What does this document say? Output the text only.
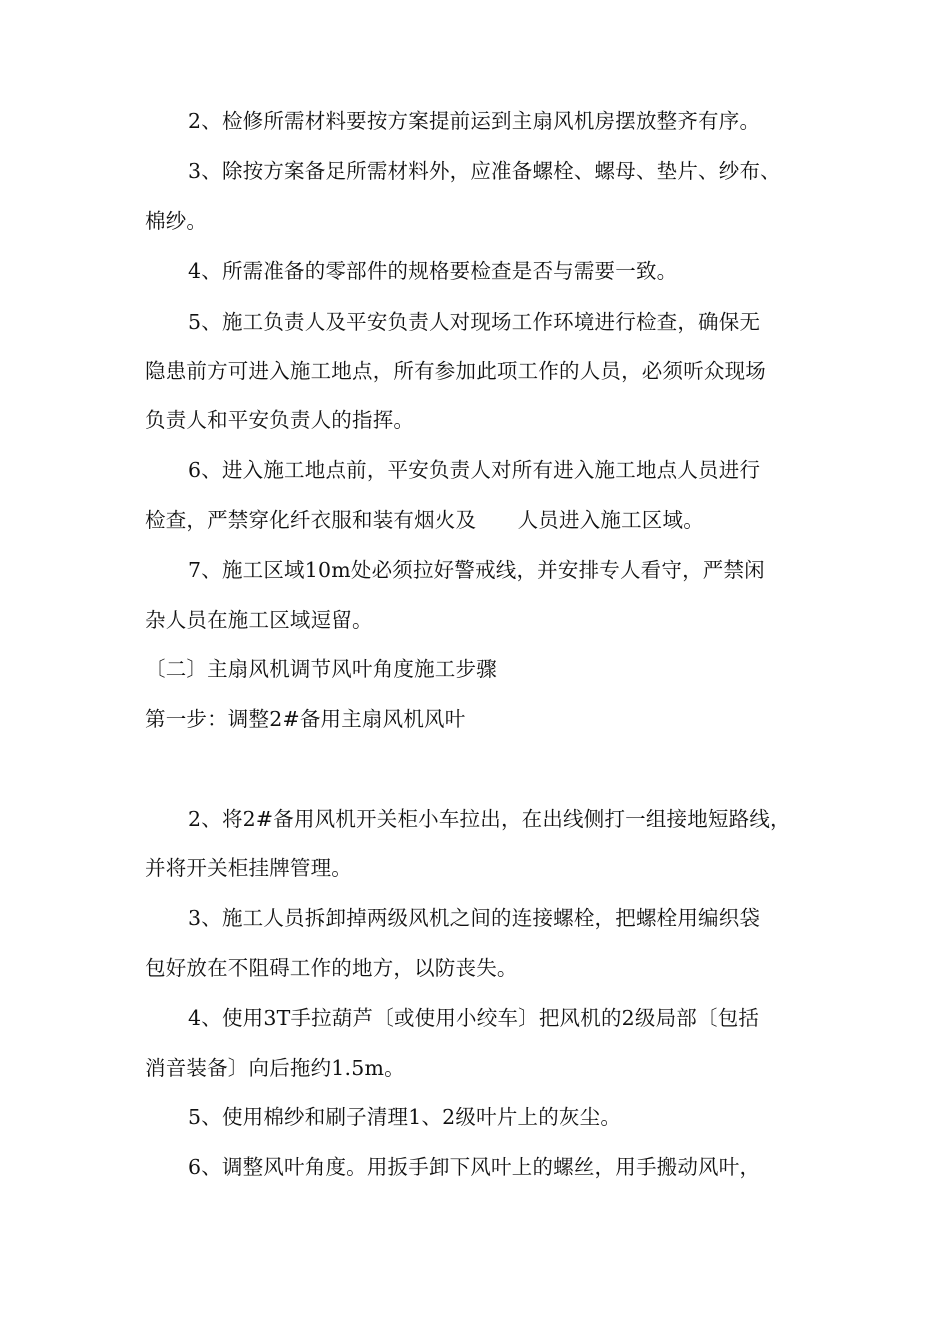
2、检修所需材料要按方案提前运到主扇风机房摆放整齐有序。
3、除按方案备足所需材料外，应准备螺栓、螺母、垫片、纱布、
棉纱。
4、所需准备的零部件的规格要检查是否与需要一致。
5、施工负责人及平安负责人对现场工作环境进行检查，确保无
隐患前方可进入施工地点，所有参加此项工作的人员，必须听众现场
负责人和平安负责人的指挥。
6、进入施工地点前，平安负责人对所有进入施工地点人员进行
检查，严禁穿化纤衣服和装有烟火及　　人员进入施工区域。
7、施工区域10m处必须拉好警戒线，并安排专人看守，严禁闲
杂人员在施工区域逗留。
〔二〕主扇风机调节风叶角度施工步骤
第一步：调整2#备用主扇风机风叶
2、将2#备用风机开关柜小车拉出，在出线侧打一组接地短路线，
并将开关柜挂牌管理。
3、施工人员拆卸掉两级风机之间的连接螺栓，把螺栓用编织袋
包好放在不阻碍工作的地方，以防丧失。
4、使用3T手拉葫芦〔或使用小绞车〕把风机的2级局部〔包括
消音装备〕向后拖约1.5m。
5、使用棉纱和刷子清理1、2级叶片上的灰尘。
6、调整风叶角度。用扳手卸下风叶上的螺丝，用手搬动风叶，
